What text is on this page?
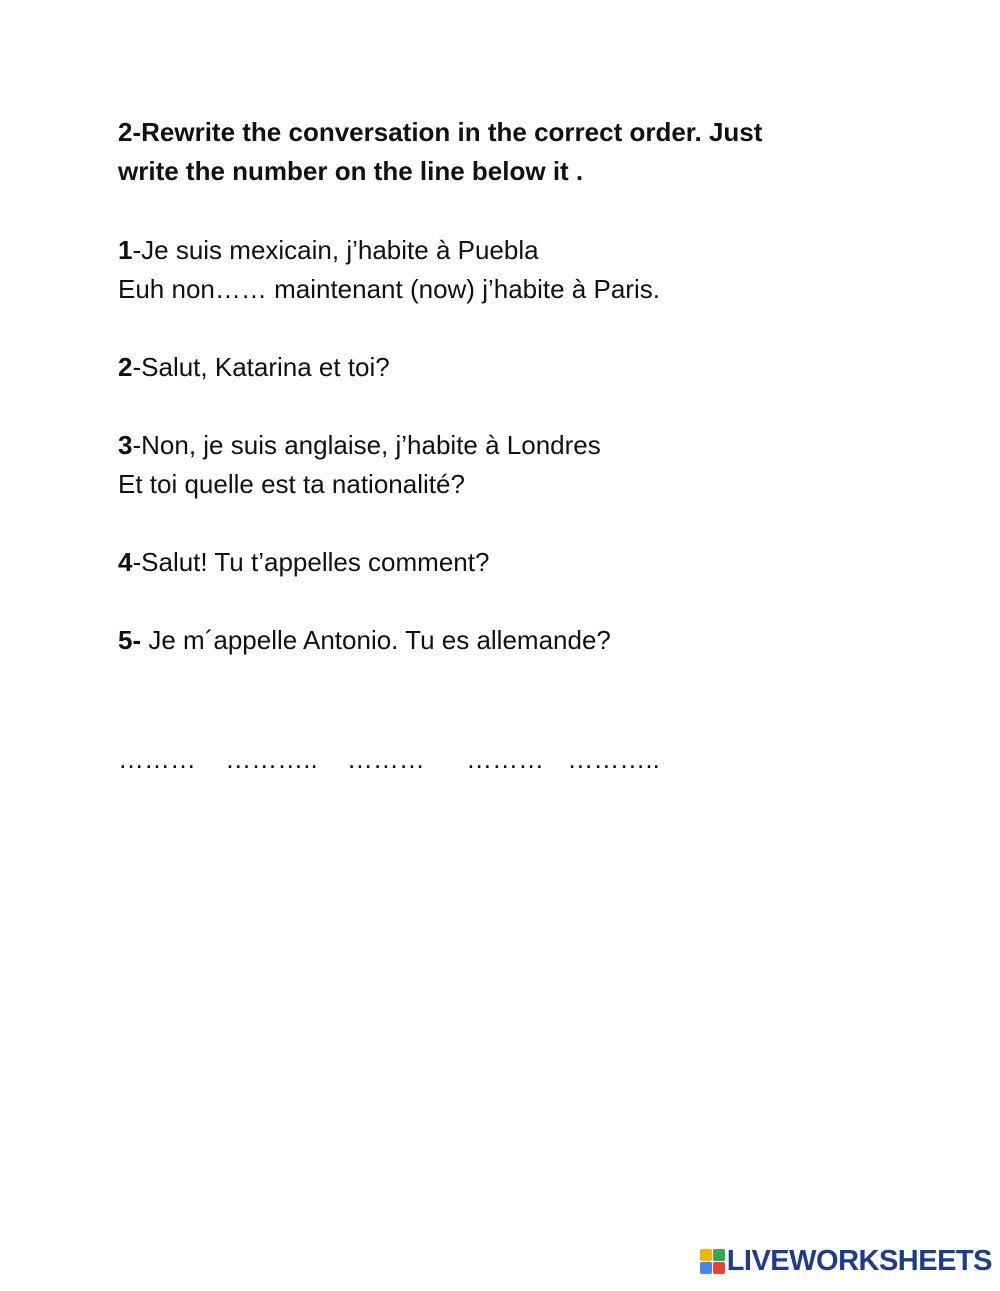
2-Rewrite the conversation in the correct order. Just
write the number on the line below it .

1-Je suis mexicain, j’habite à Puebla
Euh non…… maintenant (now) j’habite à Paris.
2-Salut, Katarina et toi?
3-Non, je suis anglaise, j’habite à Londres
Et toi quelle est ta nationalité?
4-Salut! Tu t’appelles comment?
5- Je m´appelle Antonio. Tu es allemande?
……… ……….. ……… ……… ………..
LIVEWORKSHEETS
